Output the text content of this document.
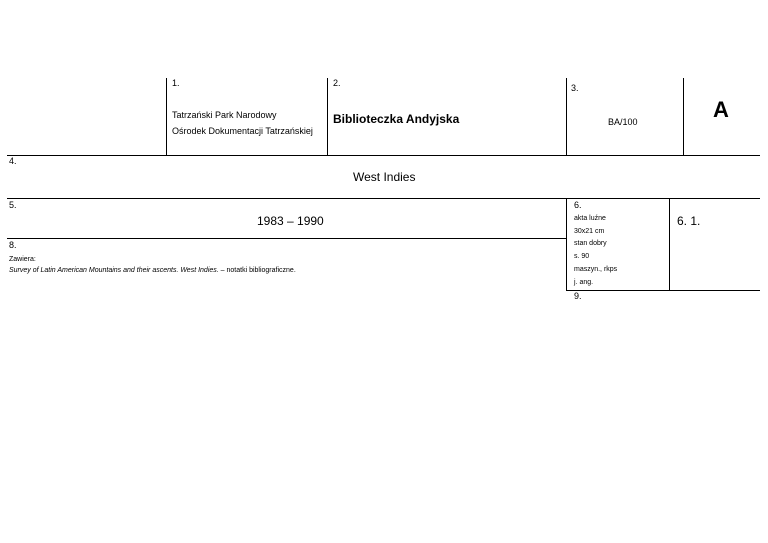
1.
Tatrzański Park Narodowy
Ośrodek Dokumentacji Tatrzańskiej
2.
Biblioteczka Andyjska
3.
BA/100	A
4.
West Indies
5.
1983 – 1990
6.
akta luźne
30x21 cm
stan dobry
s. 90
maszyn., rkps
j. ang.
6. 1.
8.
Zawiera:
Survey of Latin American Mountains and their ascents. West Indies. – notatki bibliograficzne.
9.
